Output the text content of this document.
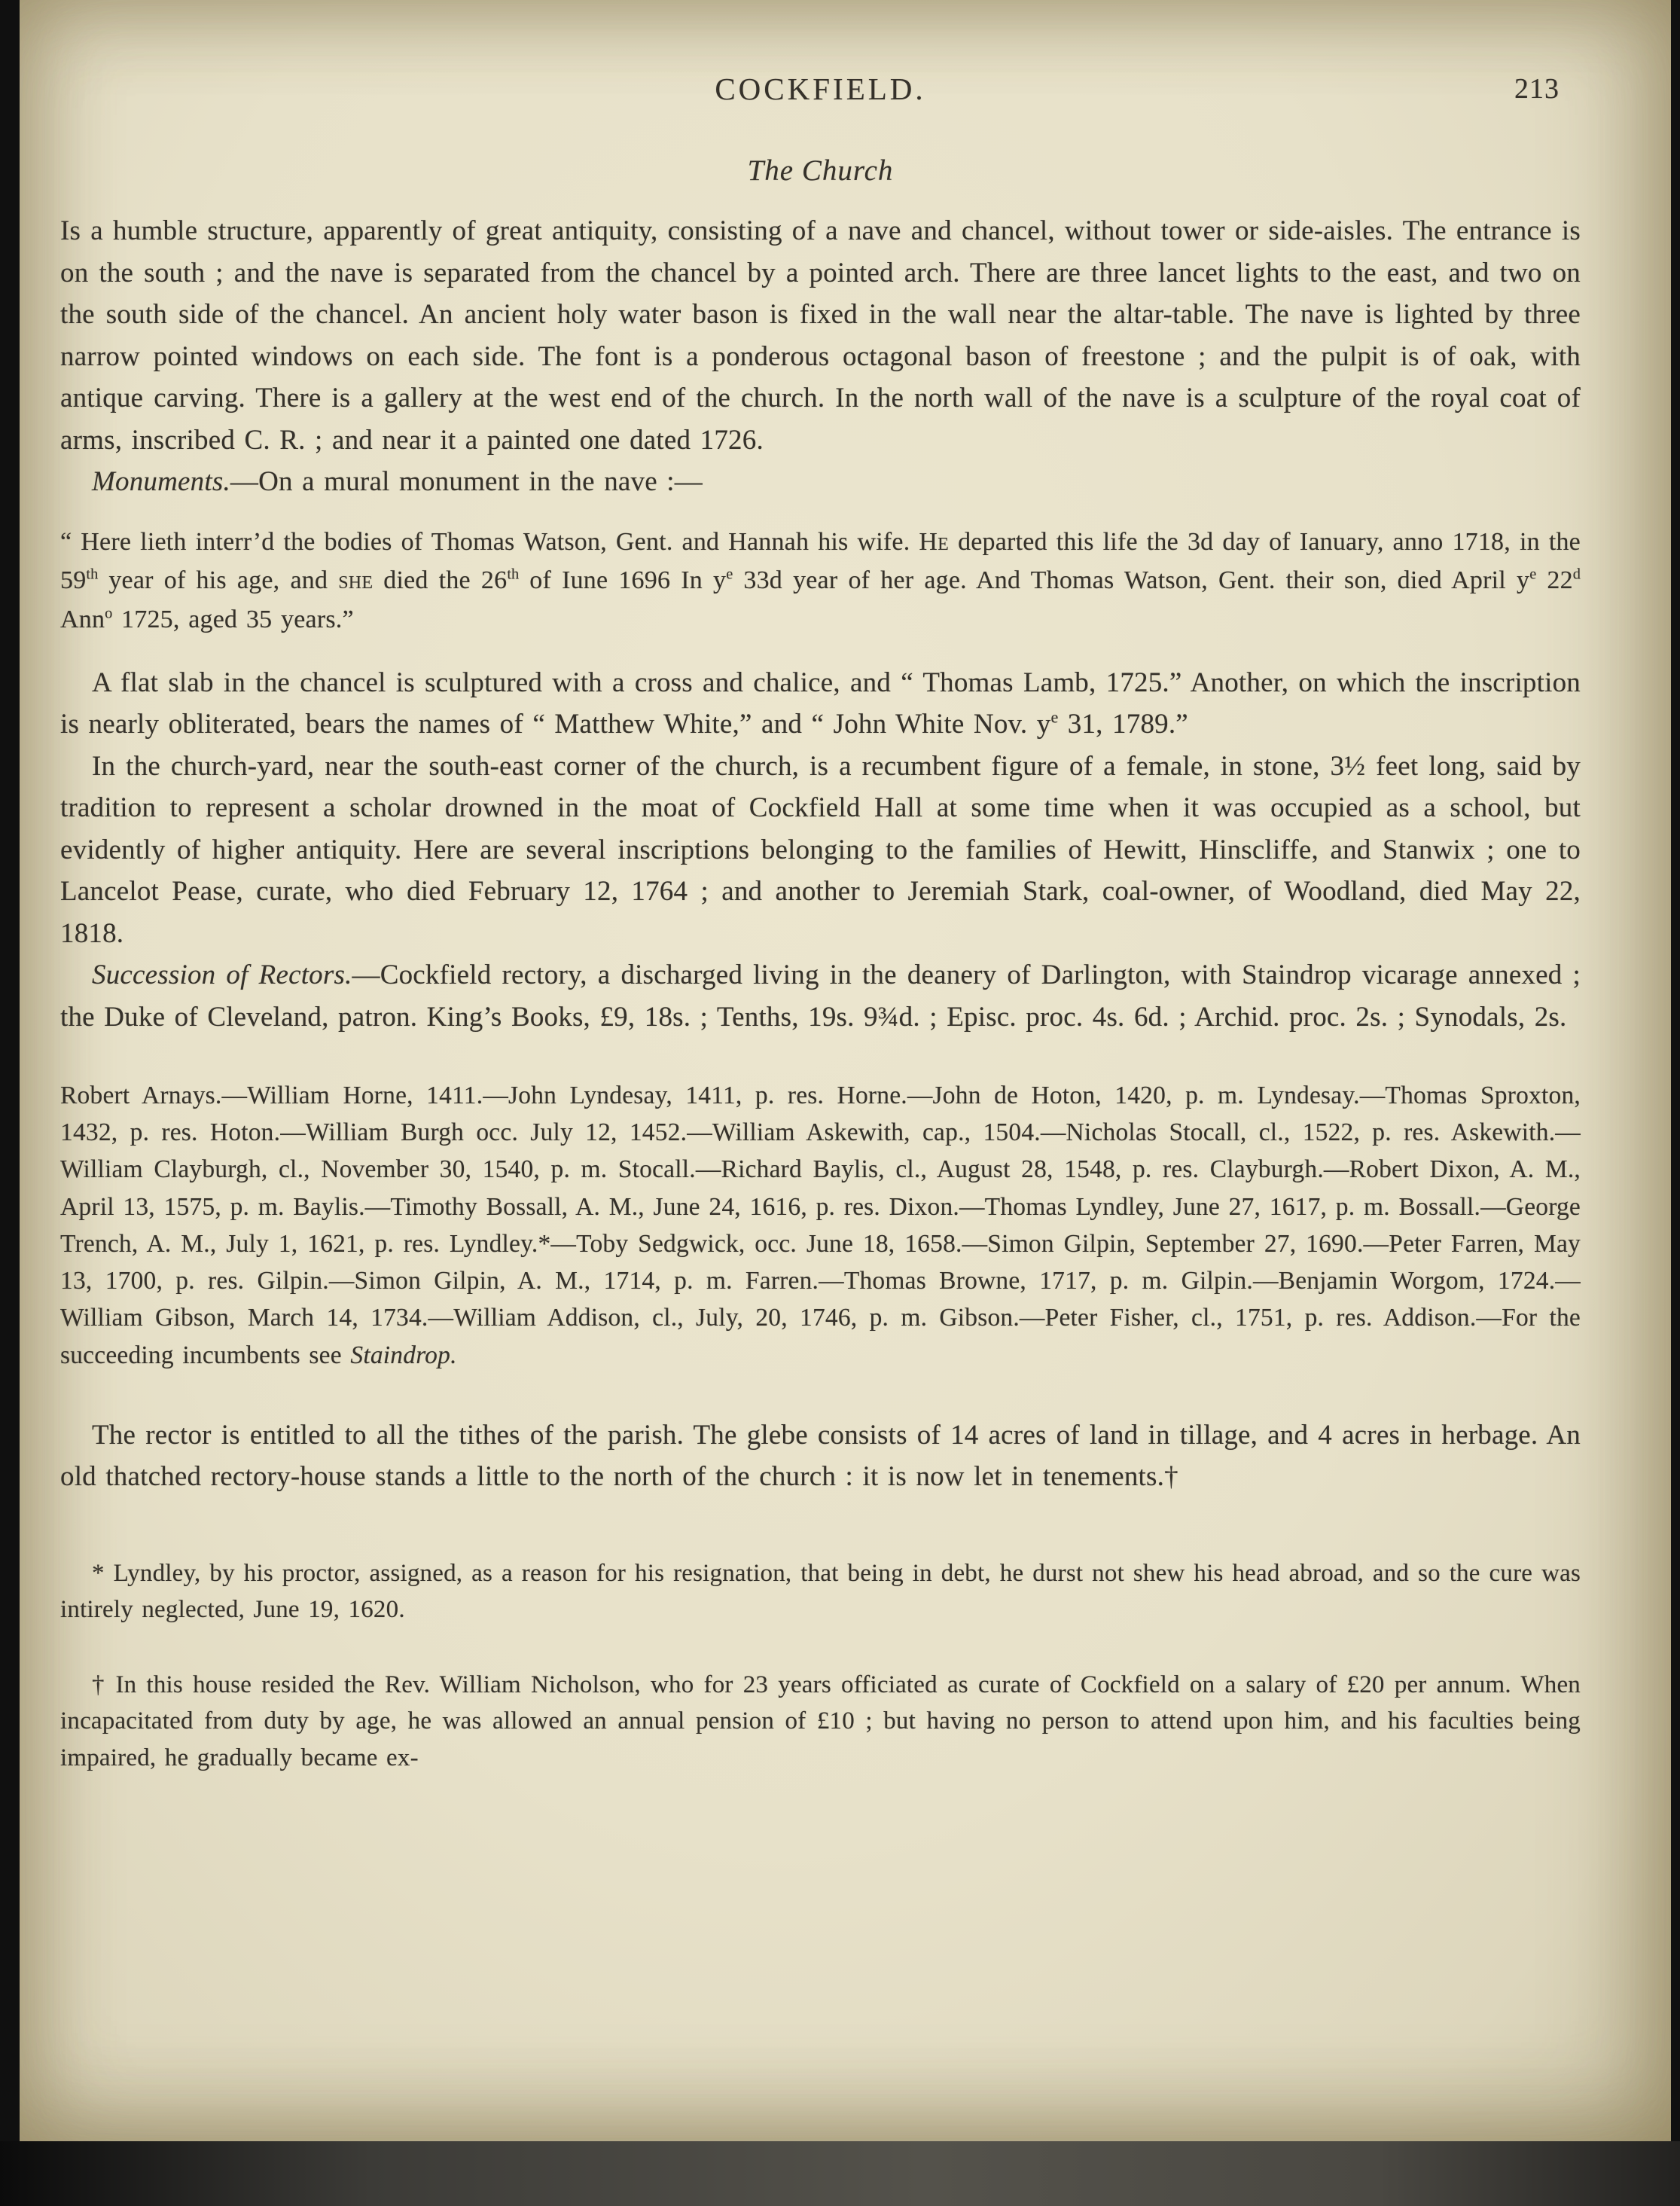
COCKFIELD.	213
The Church

Is a humble structure, apparently of great antiquity, consisting of a nave and chancel, without tower or side-aisles. The entrance is on the south ; and the nave is separated from the chancel by a pointed arch. There are three lancet lights to the east, and two on the south side of the chancel. An ancient holy water bason is fixed in the wall near the altar-table. The nave is lighted by three narrow pointed windows on each side. The font is a ponderous octagonal bason of freestone ; and the pulpit is of oak, with antique carving. There is a gallery at the west end of the church. In the north wall of the nave is a sculpture of the royal coat of arms, inscribed C. R. ; and near it a painted one dated 1726.

Monuments.—On a mural monument in the nave :—

“ Here lieth interr’d the bodies of Thomas Watson, Gent. and Hannah his wife. He departed this life the 3d day of Ianuary, anno 1718, in the 59th year of his age, and she died the 26th of Iune 1696 In $y^e$ 33d year of her age. And Thomas Watson, Gent. their son, died April $y^e$ 22$^d$ Ann$^o$ 1725, aged 35 years.”

A flat slab in the chancel is sculptured with a cross and chalice, and “ Thomas Lamb, 1725.” Another, on which the inscription is nearly obliterated, bears the names of “ Matthew White,” and “ John White Nov. $y^e$ 31, 1789.”

In the church-yard, near the south-east corner of the church, is a recumbent figure of a female, in stone, 3½ feet long, said by tradition to represent a scholar drowned in the moat of Cockfield Hall at some time when it was occupied as a school, but evidently of higher antiquity. Here are several inscriptions belonging to the families of Hewitt, Hinscliffe, and Stanwix ; one to Lancelot Pease, curate, who died February 12, 1764 ; and another to Jeremiah Stark, coal-owner, of Woodland, died May 22, 1818.

Succession of Rectors.—Cockfield rectory, a discharged living in the deanery of Darlington, with Staindrop vicarage annexed ; the Duke of Cleveland, patron. King’s Books, £9, 18s. ; Tenths, 19s. 9¾d. ; Episc. proc. 4s. 6d. ; Archid. proc. 2s. ; Synodals, 2s.

Robert Arnays.—William Horne, 1411.—John Lyndesay, 1411, p. res. Horne.—John de Hoton, 1420, p. m. Lyndesay.—Thomas Sproxton, 1432, p. res. Hoton.—William Burgh occ. July 12, 1452.—William Askewith, cap., 1504.—Nicholas Stocall, cl., 1522, p. res. Askewith.—William Clayburgh, cl., November 30, 1540, p. m. Stocall.—Richard Baylis, cl., August 28, 1548, p. res. Clayburgh.—Robert Dixon, A. M., April 13, 1575, p. m. Baylis.—Timothy Bossall, A. M., June 24, 1616, p. res. Dixon.—Thomas Lyndley, June 27, 1617, p. m. Bossall.—George Trench, A. M., July 1, 1621, p. res. Lyndley.*—Toby Sedgwick, occ. June 18, 1658.—Simon Gilpin, September 27, 1690.—Peter Farren, May 13, 1700, p. res. Gilpin.—Simon Gilpin, A. M., 1714, p. m. Farren.—Thomas Browne, 1717, p. m. Gilpin.—Benjamin Worgom, 1724.—William Gibson, March 14, 1734.—William Addison, cl., July, 20, 1746, p. m. Gibson.—Peter Fisher, cl., 1751, p. res. Addison.—For the succeeding incumbents see Staindrop.

The rector is entitled to all the tithes of the parish. The glebe consists of 14 acres of land in tillage, and 4 acres in herbage. An old thatched rectory-house stands a little to the north of the church : it is now let in tenements.†

* Lyndley, by his proctor, assigned, as a reason for his resignation, that being in debt, he durst not shew his head abroad, and so the cure was intirely neglected, June 19, 1620.

† In this house resided the Rev. William Nicholson, who for 23 years officiated as curate of Cockfield on a salary of £20 per annum. When incapacitated from duty by age, he was allowed an annual pension of £10 ; but having no person to attend upon him, and his faculties being impaired, he gradually became ex-
